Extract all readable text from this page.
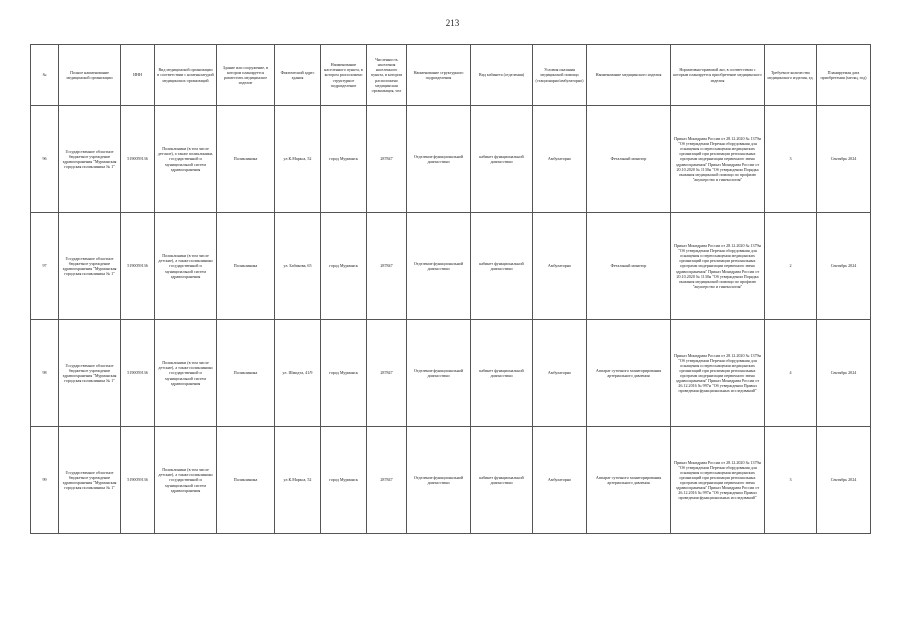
213
№	Полное наименование медицинской организации	ИНН	Вид медицинской организации в соответствии с номенклатурой медицинских организаций	Здание или сооружение, в котором планируется разместить медицинское изделие	Фактический адрес здания	Наименование населенного пункта, в котором расположено структурное подразделение	Численность населения населенного пункта, в котором расположено медицинская организация, чел	Наименование структурного подразделения	Вид кабинета (отделения)	Условия оказания медицинской помощи (стационарно/амбулаторно)	Наименование медицинского изделия	Нормативно-правовой акт, в соответствии с которым планируется приобретение медицинского изделия	Требуемое количество медицинского изделия, ед.	Планируемая дата приобретения (месяц, год)
96	Государственное областное бюджетное учреждение здравоохранения "Мурманская городская поликлиника № 1"	5190059136	Поликлиники (в том числе детские), а также поликлиники, государственной и муниципальной систем здравоохранения	Поликлиника	ул.К.Маркса, 52	город Мурманск	287847	Отделение функциональной диагностики	кабинет функциональной диагностики	Амбулаторно	Фетальный монитор	Приказ Минздрава России от 28.12.2020 № 1379н "Об утверждении Перечня оборудования для оснащения и переоснащения медицинских организаций при реализации региональных программ модернизации первичного звена здравоохранения" Приказ Минздрава России от 20.10.2020 № 1130н "Об утверждении Порядка оказания медицинской помощи по профилю "акушерство и гинекология"	3	Сентябрь 2024
97	Государственное областное бюджетное учреждение здравоохранения "Мурманская городская поликлиника № 1"	5190059136	Поликлиники (в том числе детские), а также поликлиники государственной и муниципальной систем здравоохранения	Поликлиника	ул. Бабикова, 65	город Мурманск	287847	Отделение функциональной диагностики	кабинет функциональной диагностики	Амбулаторно	Фетальный монитор	Приказ Минздрава России от 28.12.2020 № 1379н "Об утверждении Перечня оборудования для оснащения и переоснащения медицинских организаций при реализации региональных программ модернизации первичного звена здравоохранения" Приказ Минздрава России от 20.10.2020 № 1130н "Об утверждении Порядка оказания медицинской помощи по профилю "акушерство и гинекология"	2	Сентябрь 2024
98	Государственное областное бюджетное учреждение здравоохранения "Мурманская городская поликлиника № 1"	5190059136	Поликлиники (в том числе детские), а также поликлиники государственной и муниципальной систем здравоохранения	Поликлиника	ул. Шмидта, 41/9	город Мурманск	287847	Отделение функциональной диагностики	кабинет функциональной диагностики	Амбулаторно	Аппарат суточного мониторирования артериального давления	Приказ Минздрава России от 28.12.2020 № 1379н "Об утверждении Перечня оборудования для оснащения и переоснащения медицинских организаций при реализации региональных программ модернизации первичного звена здравоохранения" Приказ Минздрава России от 26.12.2016 № 997н "Об утверждении Правил проведения функциональных исследований"	4	Сентябрь 2024
99	Государственное областное бюджетное учреждение здравоохранения "Мурманская городская поликлиника № 1"	5190059136	Поликлиники (в том числе детские), а также поликлиники государственной и муниципальной систем здравоохранения	Поликлиника	ул.К.Маркса, 52	город Мурманск	287847	Отделение функциональной диагностики	кабинет функциональной диагностики	Амбулаторно	Аппарат суточного мониторирования артериального давления	Приказ Минздрава России от 28.12.2020 № 1379н "Об утверждении Перечня оборудования для оснащения и переоснащения медицинских организаций при реализации региональных программ модернизации первичного звена здравоохранения" Приказ Минздрава России от 26.12.2016 № 997н "Об утверждении Правил проведения функциональных исследований"	3	Сентябрь 2024
